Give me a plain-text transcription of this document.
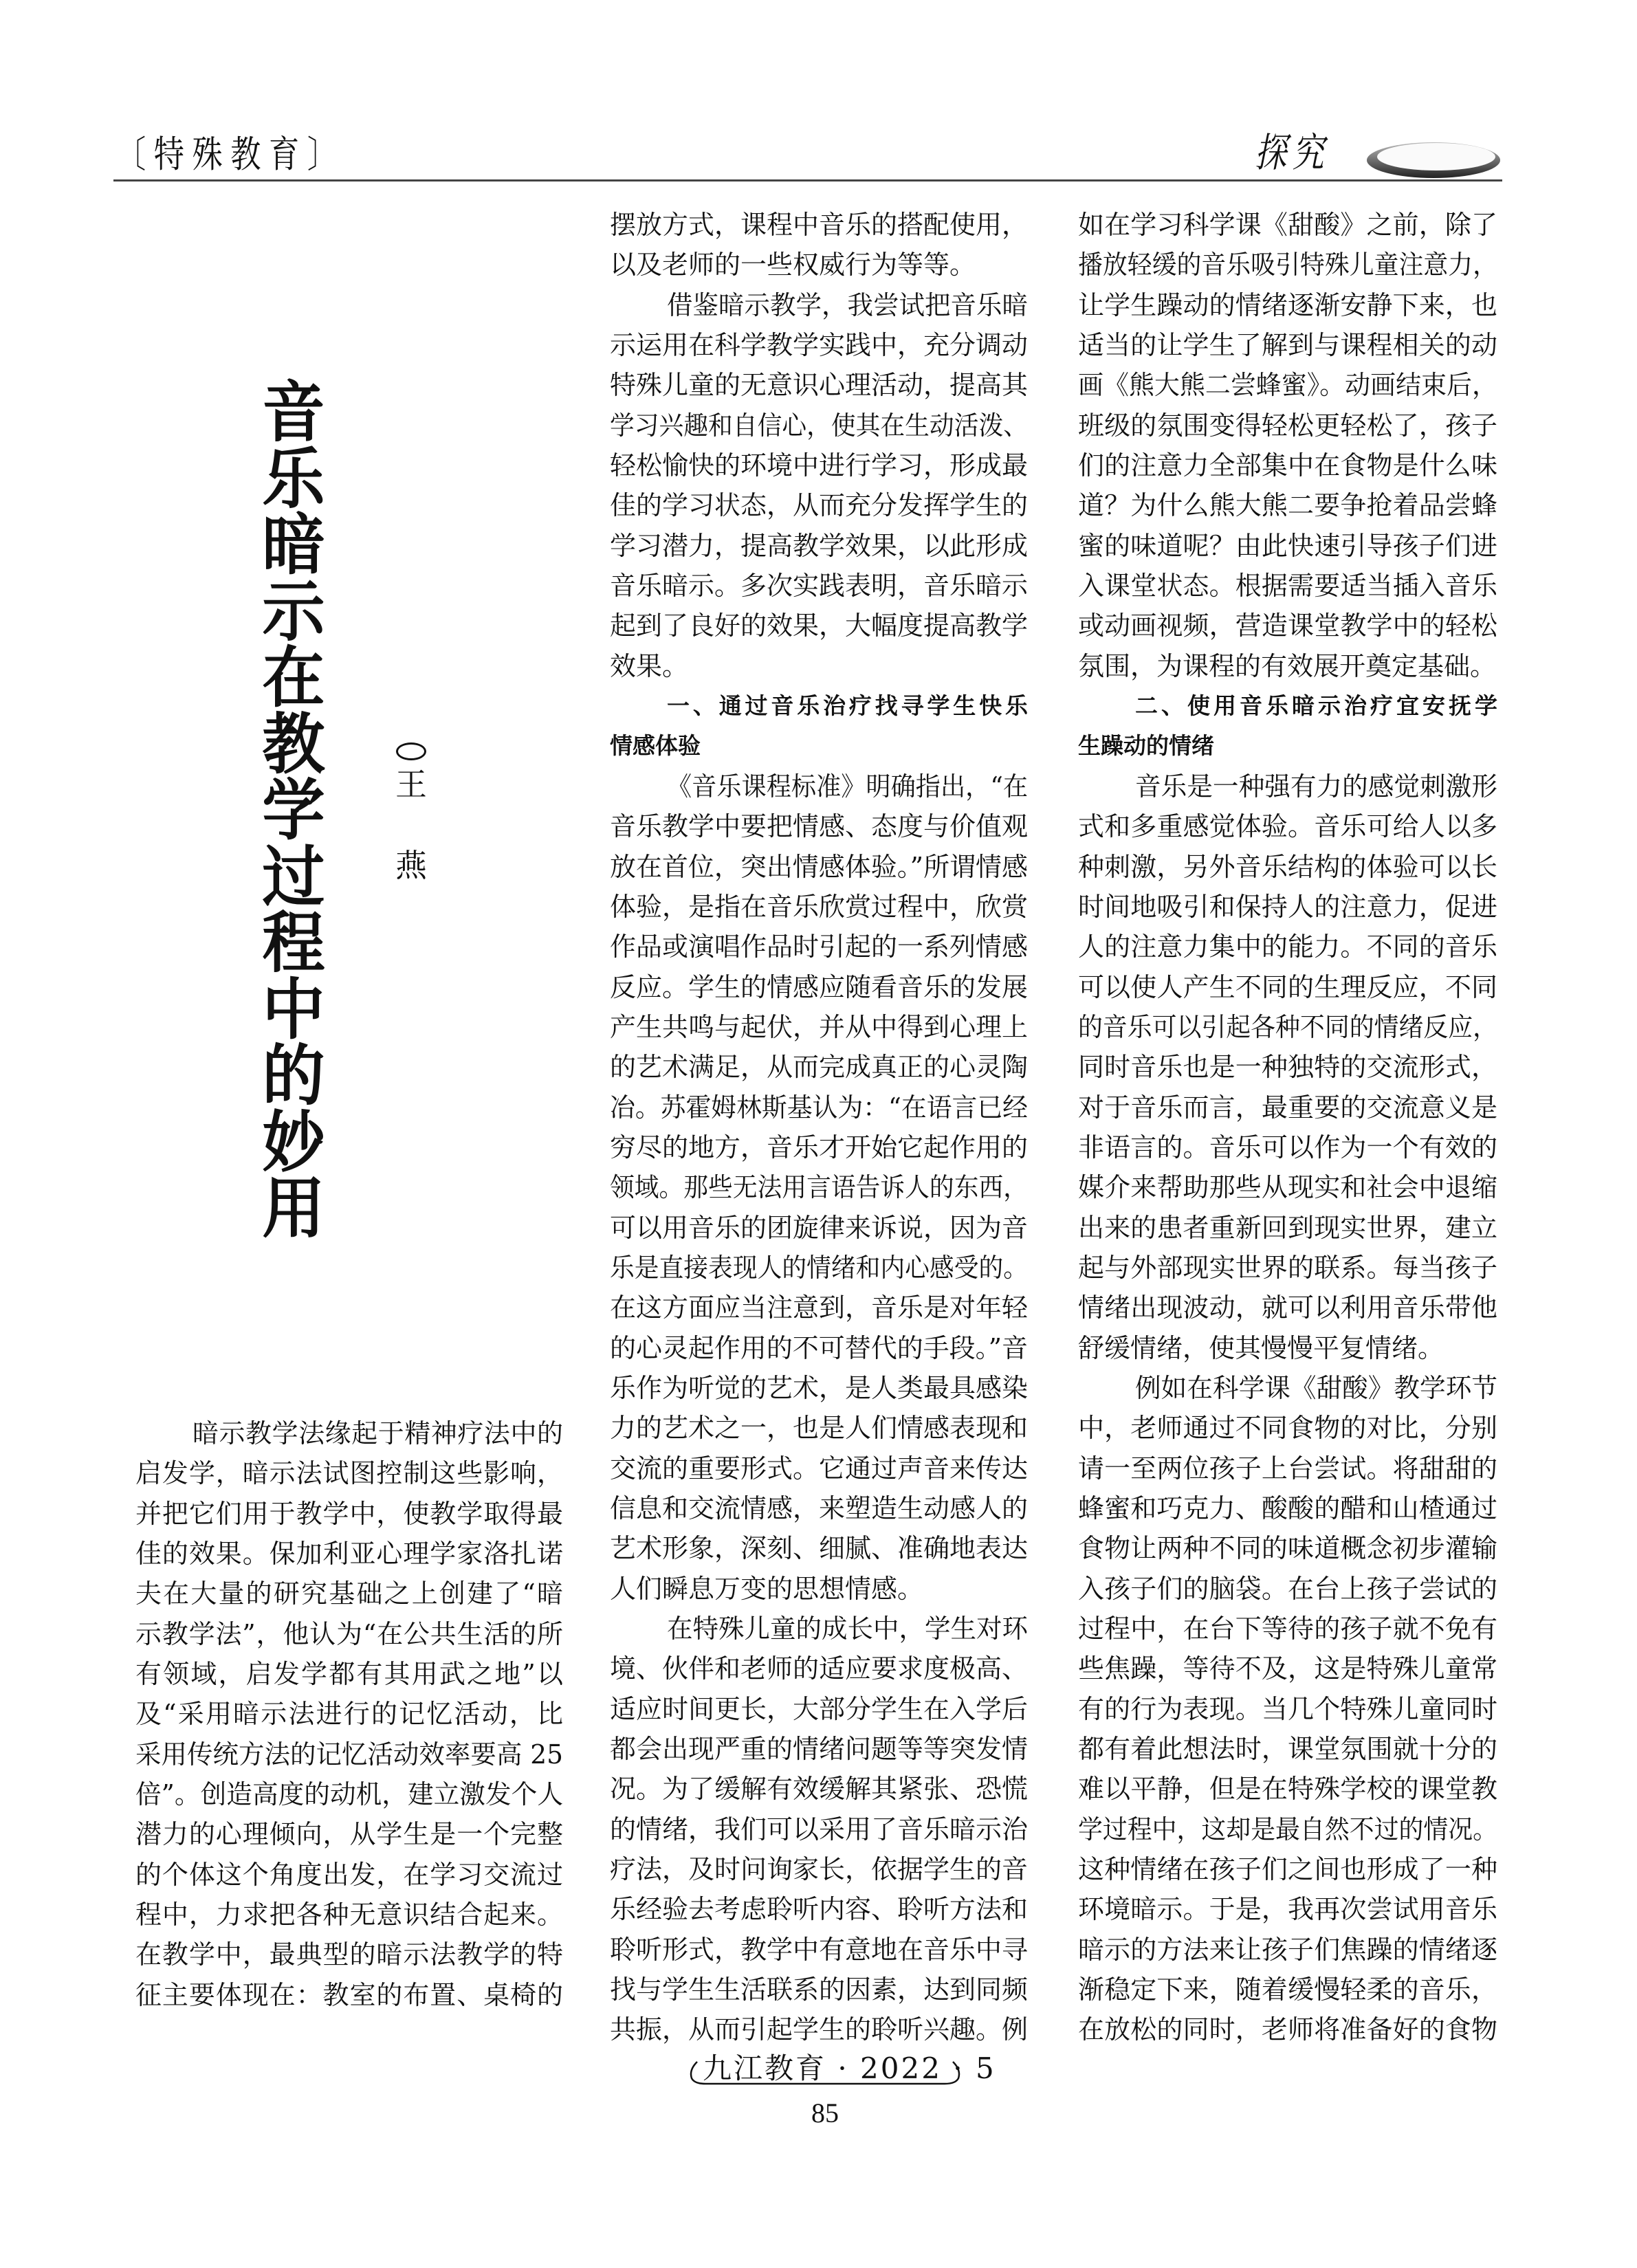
〔特殊教育〕	探究
音
乐
暗
示
在
教
学
过
程
中
的
妙
用
王
燕
暗示教学法缘起于精神疗法中的
启发学，暗示法试图控制这些影响，
并把它们用于教学中，使教学取得最
佳的效果。保加利亚心理学家洛扎诺
夫在大量的研究基础之上创建了“暗
示教学法”，他认为“在公共生活的所
有领域，启发学都有其用武之地”以
及“采用暗示法进行的记忆活动，比
采用传统方法的记忆活动效率要高 25
倍”。创造高度的动机，建立激发个人
潜力的心理倾向，从学生是一个完整
的个体这个角度出发，在学习交流过
程中，力求把各种无意识结合起来。
在教学中，最典型的暗示法教学的特
征主要体现在：教室的布置、桌椅的
摆放方式，课程中音乐的搭配使用，
以及老师的一些权威行为等等。
借鉴暗示教学，我尝试把音乐暗
示运用在科学教学实践中，充分调动
特殊儿童的无意识心理活动，提高其
学习兴趣和自信心，使其在生动活泼、
轻松愉快的环境中进行学习，形成最
佳的学习状态，从而充分发挥学生的
学习潜力，提高教学效果，以此形成
音乐暗示。多次实践表明，音乐暗示
起到了良好的效果，大幅度提高教学
效果。
一、通过音乐治疗找寻学生快乐
情感体验
《音乐课程标准》明确指出，“在
音乐教学中要把情感、态度与价值观
放在首位，突出情感体验。”所谓情感
体验，是指在音乐欣赏过程中，欣赏
作品或演唱作品时引起的一系列情感
反应。学生的情感应随看音乐的发展
产生共鸣与起伏，并从中得到心理上
的艺术满足，从而完成真正的心灵陶
冶。苏霍姆林斯基认为：“在语言已经
穷尽的地方，音乐才开始它起作用的
领域。那些无法用言语告诉人的东西，
可以用音乐的团旋律来诉说，因为音
乐是直接表现人的情绪和内心感受的。
在这方面应当注意到，音乐是对年轻
的心灵起作用的不可替代的手段。”音
乐作为听觉的艺术，是人类最具感染
力的艺术之一，也是人们情感表现和
交流的重要形式。它通过声音来传达
信息和交流情感，来塑造生动感人的
艺术形象，深刻、细腻、准确地表达
人们瞬息万变的思想情感。
在特殊儿童的成长中，学生对环
境、伙伴和老师的适应要求度极高、
适应时间更长，大部分学生在入学后
都会出现严重的情绪问题等等突发情
况。为了缓解有效缓解其紧张、恐慌
的情绪，我们可以采用了音乐暗示治
疗法，及时问询家长，依据学生的音
乐经验去考虑聆听内容、聆听方法和
聆听形式，教学中有意地在音乐中寻
找与学生生活联系的因素，达到同频
共振，从而引起学生的聆听兴趣。例
如在学习科学课《甜酸》之前，除了
播放轻缓的音乐吸引特殊儿童注意力，
让学生躁动的情绪逐渐安静下来，也
适当的让学生了解到与课程相关的动
画《熊大熊二尝蜂蜜》。动画结束后，
班级的氛围变得轻松更轻松了，孩子
们的注意力全部集中在食物是什么味
道？为什么熊大熊二要争抢着品尝蜂
蜜的味道呢？由此快速引导孩子们进
入课堂状态。根据需要适当插入音乐
或动画视频，营造课堂教学中的轻松
氛围，为课程的有效展开奠定基础。
二、使用音乐暗示治疗宜安抚学
生躁动的情绪
音乐是一种强有力的感觉刺激形
式和多重感觉体验。音乐可给人以多
种刺激，另外音乐结构的体验可以长
时间地吸引和保持人的注意力，促进
人的注意力集中的能力。不同的音乐
可以使人产生不同的生理反应，不同
的音乐可以引起各种不同的情绪反应，
同时音乐也是一种独特的交流形式，
对于音乐而言，最重要的交流意义是
非语言的。音乐可以作为一个有效的
媒介来帮助那些从现实和社会中退缩
出来的患者重新回到现实世界，建立
起与外部现实世界的联系。每当孩子
情绪出现波动，就可以利用音乐带他
舒缓情绪，使其慢慢平复情绪。
例如在科学课《甜酸》教学环节
中，老师通过不同食物的对比，分别
请一至两位孩子上台尝试。将甜甜的
蜂蜜和巧克力、酸酸的醋和山楂通过
食物让两种不同的味道概念初步灌输
入孩子们的脑袋。在台上孩子尝试的
过程中，在台下等待的孩子就不免有
些焦躁，等待不及，这是特殊儿童常
有的行为表现。当几个特殊儿童同时
都有着此想法时，课堂氛围就十分的
难以平静，但是在特殊学校的课堂教
学过程中，这却是最自然不过的情况。
这种情绪在孩子们之间也形成了一种
环境暗示。于是，我再次尝试用音乐
暗示的方法来让孩子们焦躁的情绪逐
渐稳定下来，随着缓慢轻柔的音乐，
在放松的同时，老师将准备好的食物
九江教育 · 2022 · 5
85
